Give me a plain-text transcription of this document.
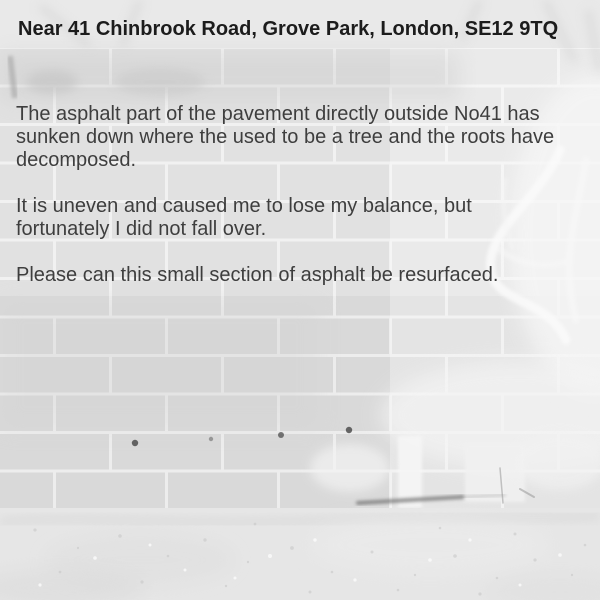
Near 41 Chinbrook Road, Grove Park, London, SE12 9TQ

The asphalt part of the pavement directly outside No41 has
sunken down where the used to be a tree and the roots have
decomposed.

It is uneven and caused me to lose my balance, but
fortunately I did not fall over.

Please can this small section of asphalt be resurfaced.
